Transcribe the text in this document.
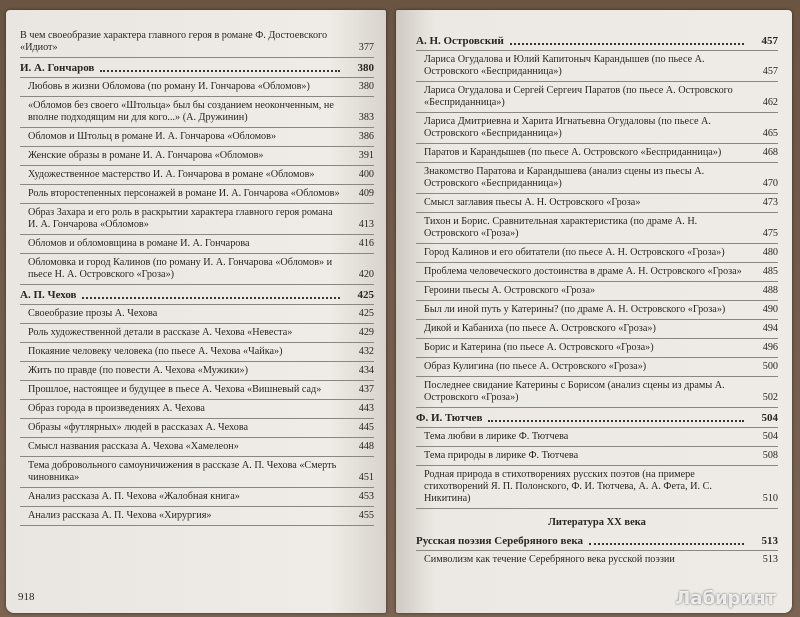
В чем своеобразие характера главного героя в романе Ф. Достоевского «Идиот»	377
И. А. Гончаров	380
Любовь в жизни Обломова (по роману И. Гончарова «Обломов»)	380
«Обломов без своего «Штольца» был бы созданием неоконченным, не вполне подходящим ни для кого...» (А. Дружинин)	383
Обломов и Штольц в романе И. А. Гончарова «Обломов»	386
Женские образы в романе И. А. Гончарова «Обломов»	391
Художественное мастерство И. А. Гончарова в романе «Обломов»	400
Роль второстепенных персонажей в романе И. А. Гончарова «Обломов»	409
Образ Захара и его роль в раскрытии характера главного героя романа И. А. Гончарова «Обломов»	413
Обломов и обломовщина в романе И. А. Гончарова	416
Обломовка и город Калинов (по роману И. А. Гончарова «Обломов» и пьесе Н. А. Островского «Гроза»)	420
А. П. Чехов	425
Своеобразие прозы А. Чехова	425
Роль художественной детали в рассказе А. Чехова «Невеста»	429
Покаяние человеку человека (по пьесе А. Чехова «Чайка»)	432
Жить по правде (по повести А. Чехова «Мужики»)	434
Прошлое, настоящее и будущее в пьесе А. Чехова «Вишневый сад»	437
Образ города в произведениях А. Чехова	443
Образы «футлярных» людей в рассказах А. Чехова	445
Смысл названия рассказа А. Чехова «Хамелеон»	448
Тема добровольного самоуничижения в рассказе А. П. Чехова «Смерть чиновника»	451
Анализ рассказа А. П. Чехова «Жалобная книга»	453
Анализ рассказа А. П. Чехова «Хирургия»	455
918
А. Н. Островский	457
Лариса Огудалова и Юлий Капитоныч Карандышев (по пьесе А. Островского «Бесприданница»)	457
Лариса Огудалова и Сергей Сергеич Паратов (по пьесе А. Островского «Бесприданница»)	462
Лариса Дмитриевна и Харита Игнатьевна Огудаловы (по пьесе А. Островского «Бесприданница»)	465
Паратов и Карандышев (по пьесе А. Островского «Бесприданница»)	468
Знакомство Паратова и Карандышева (анализ сцены из пьесы А. Островского «Бесприданница»)	470
Смысл заглавия пьесы А. Н. Островского «Гроза»	473
Тихон и Борис. Сравнительная характеристика (по драме А. Н. Островского «Гроза»)	475
Город Калинов и его обитатели (по пьесе А. Н. Островского «Гроза»)	480
Проблема человеческого достоинства в драме А. Н. Островского «Гроза»	485
Героини пьесы А. Островского «Гроза»	488
Был ли иной путь у Катерины? (по драме А. Н. Островского «Гроза»)	490
Дикой и Кабаниха (по пьесе А. Островского «Гроза»)	494
Борис и Катерина (по пьесе А. Островского «Гроза»)	496
Образ Кулигина (по пьесе А. Островского «Гроза»)	500
Последнее свидание Катерины с Борисом (анализ сцены из драмы А. Островского «Гроза»)	502
Ф. И. Тютчев	504
Тема любви в лирике Ф. Тютчева	504
Тема природы в лирике Ф. Тютчева	508
Родная природа в стихотворениях русских поэтов (на примере стихотворений Я. П. Полонского, Ф. И. Тютчева, А. А. Фета, И. С. Никитина)	510
Литература XX века
Русская поэзия Серебряного века	513
Символизм как течение Серебряного века русской поэзии	513
Лабиринт
